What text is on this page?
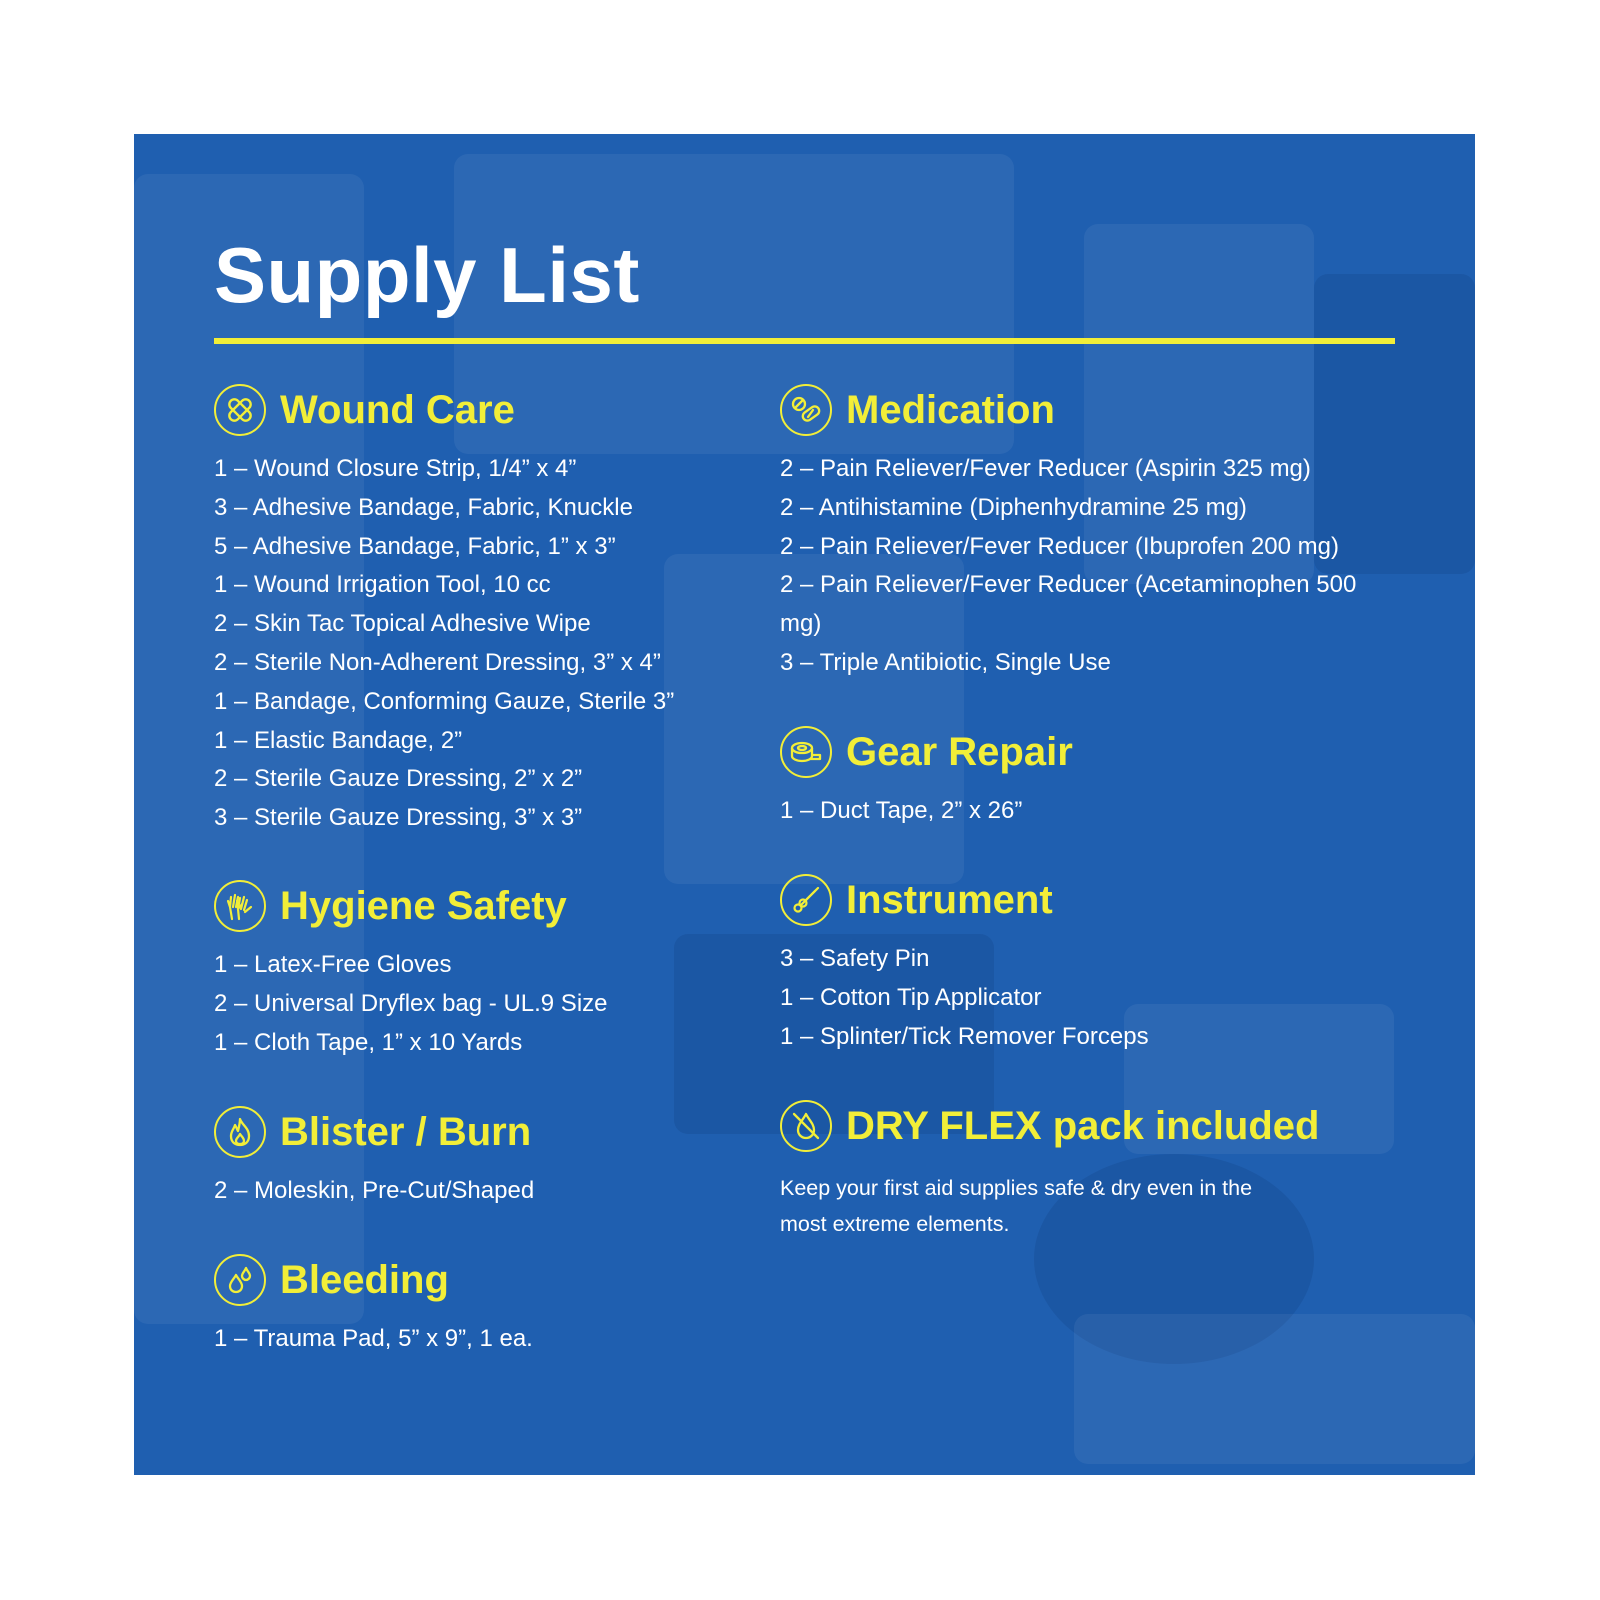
Supply List
Wound Care
1 – Wound Closure Strip, 1/4” x 4”
3 – Adhesive Bandage, Fabric, Knuckle
5 – Adhesive Bandage, Fabric, 1” x 3”
1 – Wound Irrigation Tool, 10 cc
2 – Skin Tac Topical Adhesive Wipe
2 – Sterile Non-Adherent Dressing, 3” x 4”
1 – Bandage, Conforming Gauze, Sterile 3”
1 – Elastic Bandage, 2”
2 – Sterile Gauze Dressing, 2” x 2”
3 – Sterile Gauze Dressing, 3” x 3”
Hygiene Safety
1 – Latex-Free Gloves
2 – Universal Dryflex bag - UL.9 Size
1 – Cloth Tape, 1” x 10 Yards
Blister / Burn
2 – Moleskin, Pre-Cut/Shaped
Bleeding
1 – Trauma Pad, 5” x 9”, 1 ea.
Medication
2 – Pain Reliever/Fever Reducer (Aspirin 325 mg)
2 – Antihistamine (Diphenhydramine 25 mg)
2 – Pain Reliever/Fever Reducer (Ibuprofen 200 mg)
2 – Pain Reliever/Fever Reducer (Acetaminophen 500 mg)
3 – Triple Antibiotic, Single Use
Gear Repair
1 – Duct Tape, 2” x 26”
Instrument
3 – Safety Pin
1 – Cotton Tip Applicator
1 – Splinter/Tick Remover Forceps
DRY FLEX pack included

Keep your first aid supplies safe & dry even in the most extreme elements.
